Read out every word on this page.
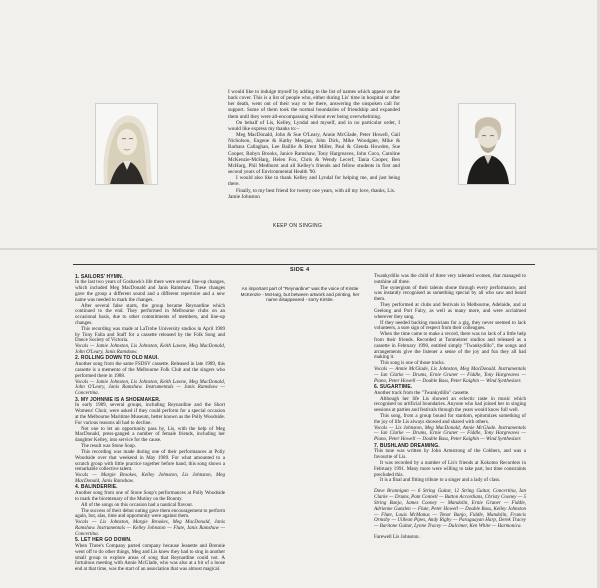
I would like to indulge myself by adding to the list of names which appear on the back cover. This is a list of people who, either during Lis' time in hospital or after her death, went out of their way to be there, answering the unspoken call for support. Some of them took the normal boundaries of friendship and expanded them until they were all-encompassing without ever being overwhelming.

On behalf of Lis, Kelley, Lyndal and myself, and in no particular order, I would like express my thanks to:–

Meg MacDonald, John & Sue O'Leary, Annie McGlade, Peter Howell, Gail Nicholson, Eugene & Kathy Meegan, John Dick, Mike Woodgate, Mike & Barbara Callaghan, Lee Baillie & Brent Miller, Paul & Glenda Howden, Sue Cooper, Robyn Brooks, Janice Ramshaw, Tony Hargreaves, John Coco, Caroline McKenzie-McHarg, Helen Fox, Chris & Wendy Lecerf, Tania Cooper, Ben McHarg, Phil Medhurst and all Kelley's friends and fellow students in first and second years of Environmental Health '90.

I would also like to thank Kelley and Lyndal for helping me, and just being there.

Finally, to my best friend for twenty one years, with all my love, thanks, Lis.

Jamie Johnston

KEEP ON SINGING
SIDE 4

1. SAILORS' HYMN.

In the last two years of Goshawk's life there were several line-up changes, which included Meg MacDonald and Janis Ramshaw. These changes gave the group a different sound and a different repertoire and a new name was needed to mark the changes.

After several false starts, the group became Reynardine which continued to the end. They performed in Melbourne clubs on an occasional basis, due to other commitments of members, and line-up changes.

This recording was made at LaTrobe University studios in April 1989 by Tony Falla and Staff for a cassette released by the Folk Song and Dance Society of Victoria.

Vocals — Jamie Johnston, Lis Johnston, Keith Lawne, Meg MacDonald, John O'Leary, Janis Ramshaw.

2. ROLLING DOWN TO OLD MAUI.

Another song from the same FSDSV cassette. Released in late 1989, this cassette is a memento of the Melbourne Folk Club and the singers who performed there in 1988.

Vocals — Jamie Johnston, Lis Johnston, Keith Lawne, Meg MacDonald, John O'Leary, Janis Ramshaw. Instrumentals — Janis Ramshaw — Concertina.

3. MY JOHNNIE IS A SHOEMAKER.

In early 1989, several groups, including Reynardine and the Short Womens' Choir, were asked if they could perform for a special occasion at the Melbourne Maritime Museum, better known as the Polly Woodside. For various reasons all had to decline.

Not one to let an opportunity pass by, Lis, with the help of Meg MacDonald, press-ganged a number of female friends, including her daughter Kelley, into service for the cause.

The result was Stone Soup.

This recording was made during one of their performances at Polly Woodside over that weekend in May 1989. For what amounted to a scratch group with little practice together before hand, this song shows a remarkable collective talent.

Vocals — Margie Brookes, Kelley Johnston, Lis Johnston, Meg MacDonald, Janis Ramshaw.

4. BALINDERRIE.

Another song from one of Stone Soup's performances at Polly Woodside to mark the bicentenary of the Mutiny on the Bounty.

All of the songs on this occasion had a nautical flavour.

The success of their debut outing gave them encouragement to perform again, but, alas, time and opportunity were against them.

Vocals — Lis Johnston, Margie Brookes, Meg MacDonald, Janis Ramshaw. Instrumentals — Kelley Johnston — Flute, Janis Ramshaw — Concertina.

5. LET HER GO DOWN.

When Three's Company parted company because Jeanette and Brennie went off to do other things, Meg and Lis knew they had to sing in another small group to explore areas of song that Reynardine could not. A fortuitous meeting with Annie McGlade, who was also at a bit of a loose end at that time, was the start of an association that was almost magical.

An important part of "Reynardine" was the voice of Kirstie McKenzie - McHarg, but between artwork and printing, her name disappeared - sorry Kirstie.

Twankydillo was the child of three very talented women, that managed to outshine all three.

The synergism of their talents shone through every performance, and was instantly recognised as something special by all who saw and heard them.

They performed at clubs and festivals in Melbourne, Adelaide, and at Geelong and Port Fairy, as well as many more, and were acclaimed wherever they sang.

If they needed backing musicians for a gig, they never seemed to lack volunteers, a sure sign of respect from their colleagues.

When the time came to make a record, there was no lack of a little help from their friends. Recorded at Tonmeister studios and released as a cassette in February 1990, entitled simply "Twankydillo", the songs and arrangements give the listener a sense of the joy and fun they all had making it.

This song is one of those tracks.

Vocals — Annie McGlade, Lis Johnston, Meg MacDonald. Instrumentals — Ian Clarke — Drums, Ernie Gruner — Fiddle, Tony Hargreaves — Piano, Peter Howell — Double Bass, Peter Kaighin — Wind Synthesizer.

6. SUGARTIME.

Another track from the "Twankydillo" cassette.

Although her life Lis showed an eclectic taste in music which recognised no artificial boundaries. Anyone who had joined her in singing sessions at parties and festivals through the years would know full well.

This song, from a group bound for stardom, epitomizes something of the joy of life Lis always showed and shared with others.

Vocals — Lis Johnston, Meg MacDonald, Annie McGlade. Instrumentals — Ian Clarke — Drums, Ernie Gruner — Fiddle, Tony Hargreaves — Piano, Peter Howell — Double Bass, Peter Kaighin — Wind Synthesizer.

7. BUSHLAND DREAMING.

This tune was written by John Armstrong of the Cobbers, and was a favourite of Lis.

It was recorded by a number of Lis's friends at Kokomo Recorders in February 1991. Many more were willing to take part, but time constraints precluded this.

It is a final and fitting tribute to a singer and a lady of class.

Dave Brannigan — 6 String Guitar, 12 String Guitar, Concertina, Ian Clarke — Drums, Pam Connell — Button Accordians, Christy Cooney — 5 String Banjo, James Cooney — Mandolin, Ernie Gruner — Fiddle, Adrienne Gunzlen — Flute, Peter Howell — Double Bass, Kelley Johnston — Flute, Louis McManus — Tenor Banjo, Fiddle, Mandolin, Francis Ormsby — Uillean Pipes, Andy Rigby — Paraguayan Harp, Derek Tracey — Baritone Guitar, Lynne Tracey — Dulcimer, Ken White — Harmonica.

Farewell Lis Johnston.
